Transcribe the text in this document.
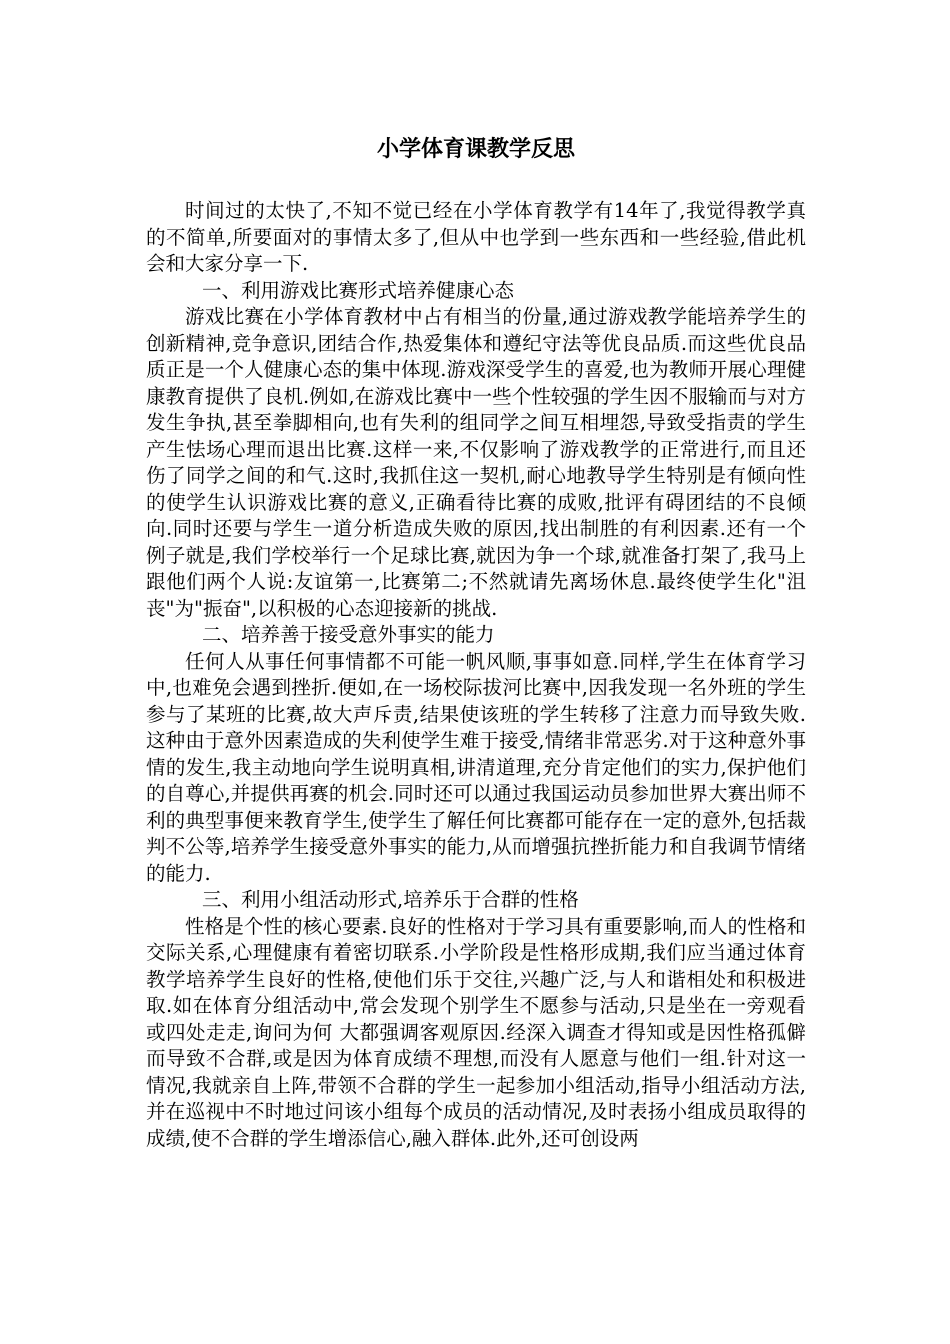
小学体育课教学反思

时间过的太快了,不知不觉已经在小学体育教学有14年了,我觉得教学真的不简单,所要面对的事情太多了,但从中也学到一些东西和一些经验,借此机会和大家分享一下.

一、利用游戏比赛形式培养健康心态

游戏比赛在小学体育教材中占有相当的份量,通过游戏教学能培养学生的创新精神,竞争意识,团结合作,热爱集体和遵纪守法等优良品质.而这些优良品质正是一个人健康心态的集中体现.游戏深受学生的喜爱,也为教师开展心理健康教育提供了良机.例如,在游戏比赛中一些个性较强的学生因不服输而与对方发生争执,甚至拳脚相向,也有失利的组同学之间互相埋怨,导致受指责的学生产生怯场心理而退出比赛.这样一来,不仅影响了游戏教学的正常进行,而且还伤了同学之间的和气.这时,我抓住这一契机,耐心地教导学生特别是有倾向性的使学生认识游戏比赛的意义,正确看待比赛的成败,批评有碍团结的不良倾向.同时还要与学生一道分析造成失败的原因,找出制胜的有利因素.还有一个例子就是,我们学校举行一个足球比赛,就因为争一个球,就准备打架了,我马上跟他们两个人说:友谊第一,比赛第二;不然就请先离场休息.最终使学生化"沮丧"为"振奋",以积极的心态迎接新的挑战.

二、培养善于接受意外事实的能力

任何人从事任何事情都不可能一帆风顺,事事如意.同样,学生在体育学习中,也难免会遇到挫折.便如,在一场校际拔河比赛中,因我发现一名外班的学生参与了某班的比赛,故大声斥责,结果使该班的学生转移了注意力而导致失败.这种由于意外因素造成的失利使学生难于接受,情绪非常恶劣.对于这种意外事情的发生,我主动地向学生说明真相,讲清道理,充分肯定他们的实力,保护他们的自尊心,并提供再赛的机会.同时还可以通过我国运动员参加世界大赛出师不利的典型事便来教育学生,使学生了解任何比赛都可能存在一定的意外,包括裁判不公等,培养学生接受意外事实的能力,从而增强抗挫折能力和自我调节情绪的能力.

三、利用小组活动形式,培养乐于合群的性格

性格是个性的核心要素.良好的性格对于学习具有重要影响,而人的性格和交际关系,心理健康有着密切联系.小学阶段是性格形成期,我们应当通过体育教学培养学生良好的性格,使他们乐于交往,兴趣广泛,与人和谐相处和积极进取.如在体育分组活动中,常会发现个别学生不愿参与活动,只是坐在一旁观看或四处走走,询问为何 大都强调客观原因.经深入调查才得知或是因性格孤僻而导致不合群,或是因为体育成绩不理想,而没有人愿意与他们一组.针对这一情况,我就亲自上阵,带领不合群的学生一起参加小组活动,指导小组活动方法,并在巡视中不时地过问该小组每个成员的活动情况,及时表扬小组成员取得的成绩,使不合群的学生增添信心,融入群体.此外,还可创设两
